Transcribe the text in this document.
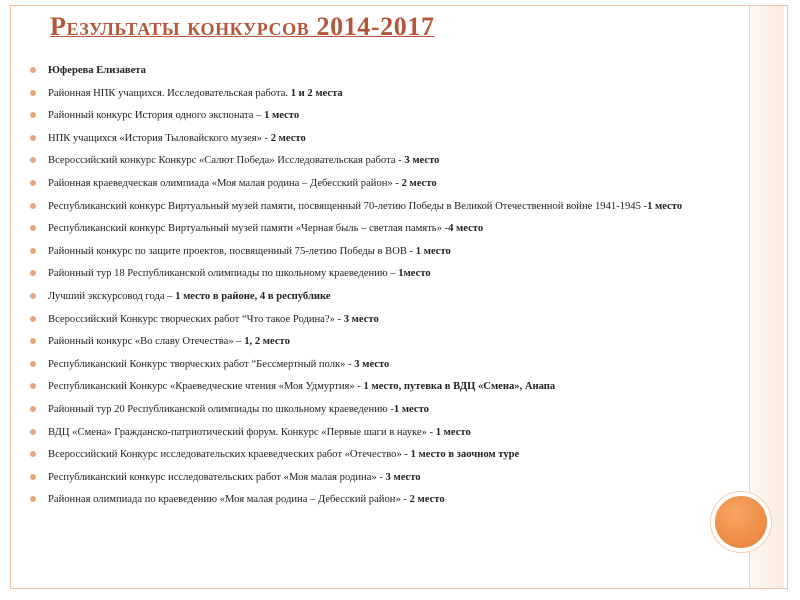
Результаты конкурсов 2014-2017
Юферева Елизавета
Районная НПК учащихся. Исследовательская работа. 1 и 2 места
Районный конкурс История одного экспоната – 1 место
НПК учащихся «История Тыловайского музея» - 2 место
Всероссийский конкурс Конкурс «Салют Победа» Исследовательская работа - 3 место
Районная краеведческая олимпиада «Моя малая родина – Дебесский район» - 2 место
Республиканский конкурс Виртуальный музей памяти, посвященный 70-летию Победы в Великой Отечественной войне 1941-1945 -1 место
Республиканский конкурс Виртуальный музей памяти «Черная быль – светлая память» -4 место
Районный конкурс по защите проектов, посвященный 75-летию Победы в ВОВ - 1 место
Районный тур 18 Республиканской олимпиады по школьному краеведению – 1место
Лучший экскурсовод года – 1 место в районе, 4 в республике
Всероссийский Конкурс творческих работ “Что такое Родина?» - 3 место
Районный конкурс «Во славу Отечества» – 1, 2 место
Республиканский Конкурс творческих работ “Бессмертный полк» - 3 место
Республиканский Конкурс «Краеведческие чтения «Моя Удмуртия» - 1 место, путевка в ВДЦ «Смена», Анапа
Районный тур 20 Республиканской олимпиады по школьному краеведению -1 место
ВДЦ «Смена» Гражданско-патриотический форум. Конкурс «Первые шаги в науке» - 1 место
Всероссийский Конкурс исследовательских краеведческих работ «Отечество» - 1 место в заочном туре
Республиканский конкурс исследовательских работ «Моя малая родина» - 3 место
Районная олимпиада по краеведению «Моя малая родина – Дебесский район» - 2 место
